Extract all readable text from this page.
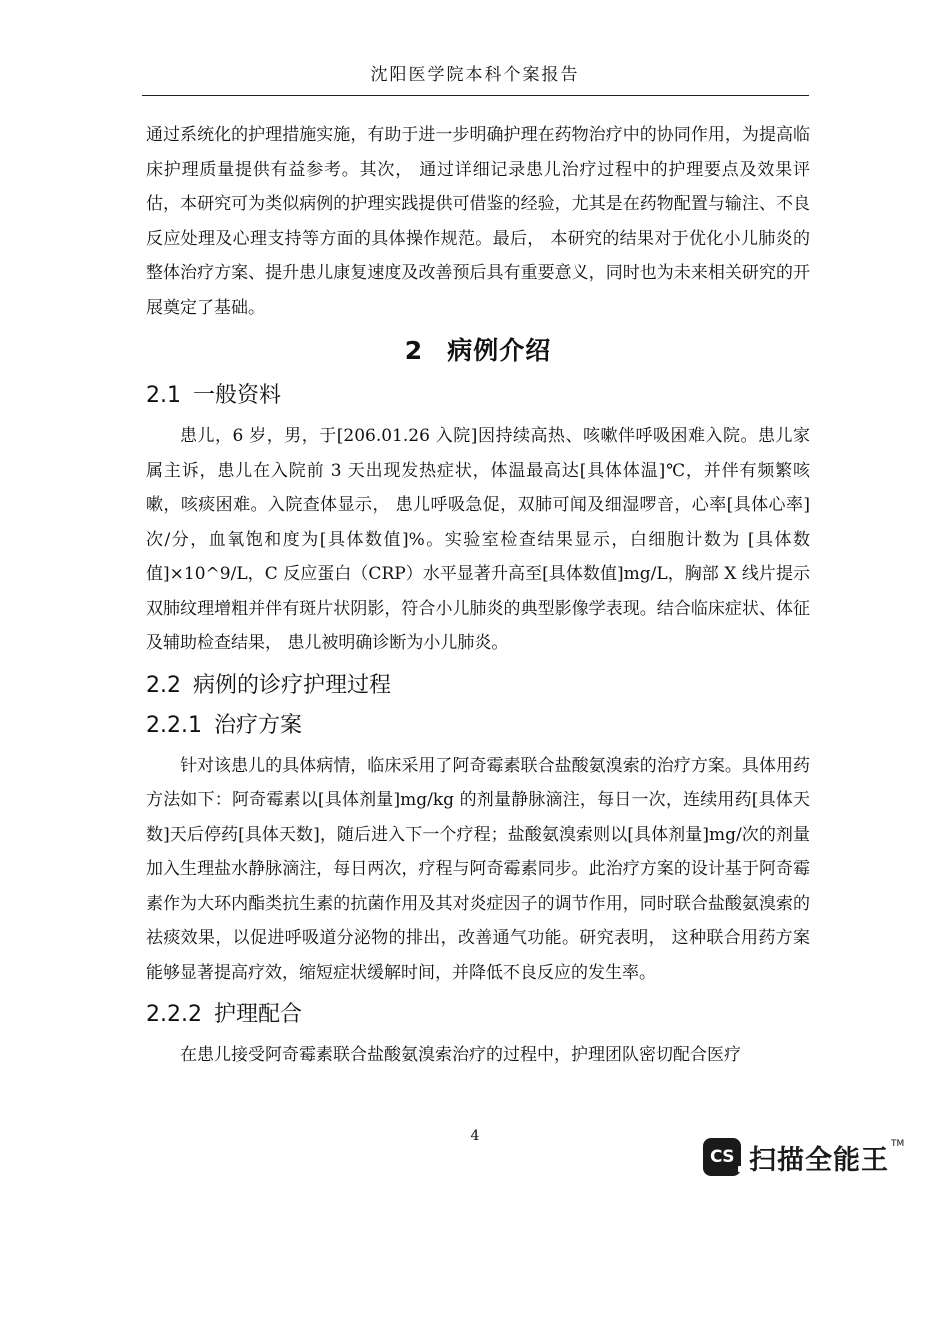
沈阳医学院本科个案报告

通过系统化的护理措施实施，有助于进一步明确护理在药物治疗中的协同作用，为提高临床护理质量提供有益参考。其次， 通过详细记录患儿治疗过程中的护理要点及效果评估，本研究可为类似病例的护理实践提供可借鉴的经验，尤其是在药物配置与输注、不良反应处理及心理支持等方面的具体操作规范。最后， 本研究的结果对于优化小儿肺炎的整体治疗方案、提升患儿康复速度及改善预后具有重要意义，同时也为未来相关研究的开展奠定了基础。

2 病例介绍
2.1 一般资料

患儿，6 岁，男，于[206.01.26 入院]因持续高热、咳嗽伴呼吸困难入院。患儿家属主诉，患儿在入院前 3 天出现发热症状，体温最高达[具体体温]℃，并伴有频繁咳嗽，咳痰困难。入院查体显示， 患儿呼吸急促，双肺可闻及细湿啰音，心率[具体心率]次/分，血氧饱和度为[具体数值]%。实验室检查结果显示，白细胞计数为 [具体数值]×10^9/L，C 反应蛋白（CRP）水平显著升高至[具体数值]mg/L，胸部 X 线片提示双肺纹理增粗并伴有斑片状阴影，符合小儿肺炎的典型影像学表现。结合临床症状、体征及辅助检查结果， 患儿被明确诊断为小儿肺炎。

2.2 病例的诊疗护理过程
2.2.1 治疗方案

针对该患儿的具体病情，临床采用了阿奇霉素联合盐酸氨溴索的治疗方案。具体用药方法如下：阿奇霉素以[具体剂量]mg/kg 的剂量静脉滴注，每日一次，连续用药[具体天数]天后停药[具体天数]，随后进入下一个疗程；盐酸氨溴索则以[具体剂量]mg/次的剂量加入生理盐水静脉滴注，每日两次，疗程与阿奇霉素同步。此治疗方案的设计基于阿奇霉素作为大环内酯类抗生素的抗菌作用及其对炎症因子的调节作用，同时联合盐酸氨溴索的祛痰效果，以促进呼吸道分泌物的排出，改善通气功能。研究表明， 这种联合用药方案能够显著提高疗效，缩短症状缓解时间，并降低不良反应的发生率。

2.2.2 护理配合

在患儿接受阿奇霉素联合盐酸氨溴索治疗的过程中，护理团队密切配合医疗

4
CS 扫描全能王
TM
